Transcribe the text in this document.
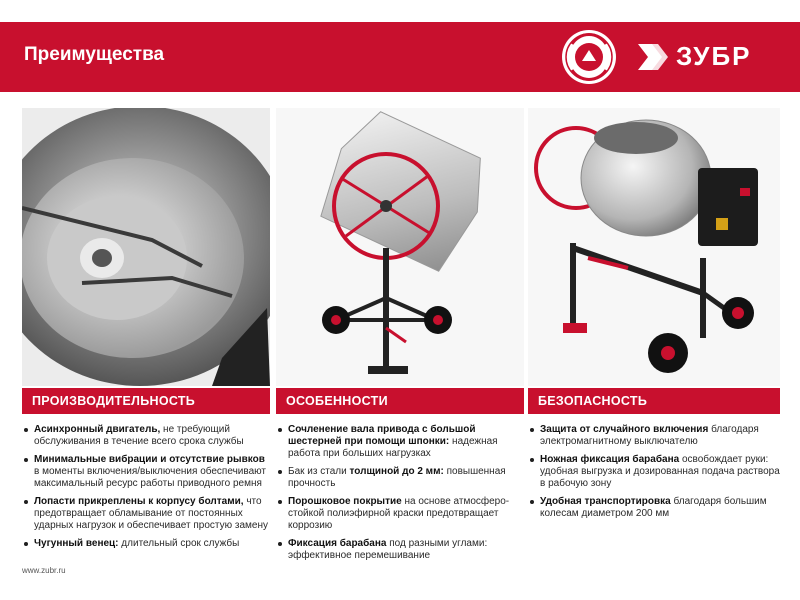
Преимущества	ЗУБР
ПРОИЗВОДИТЕЛЬНОСТЬ	ОСОБЕННОСТИ	БЕЗОПАСНОСТЬ
Асинхронный двигатель, не требующий обслуживания в течение всего срока службы
Минимальные вибрации и отсутствие рывков в моменты включения/выключения обеспечивают максимальный ресурс работы приводного ремня
Лопасти прикреплены к корпусу болтами, что предотвращает обламывание от постоянных ударных нагрузок и обеспечивает простую замену
Чугунный венец: длительный срок службы
Сочленение вала привода с большой шестерней при помощи шпонки: надежная работа при больших нагрузках
Бак из стали толщиной до 2 мм: повышенная прочность
Порошковое покрытие на основе атмосферо-стойкой полиэфирной краски предотвращает коррозию
Фиксация барабана под разными углами: эффективное перемешивание
Защита от случайного включения благодаря электромагнитному выключателю
Ножная фиксация барабана освобождает руки: удобная выгрузка и дозированная подача раствора в рабочую зону
Удобная транспортировка благодаря большим колесам диаметром 200 мм
www.zubr.ru
